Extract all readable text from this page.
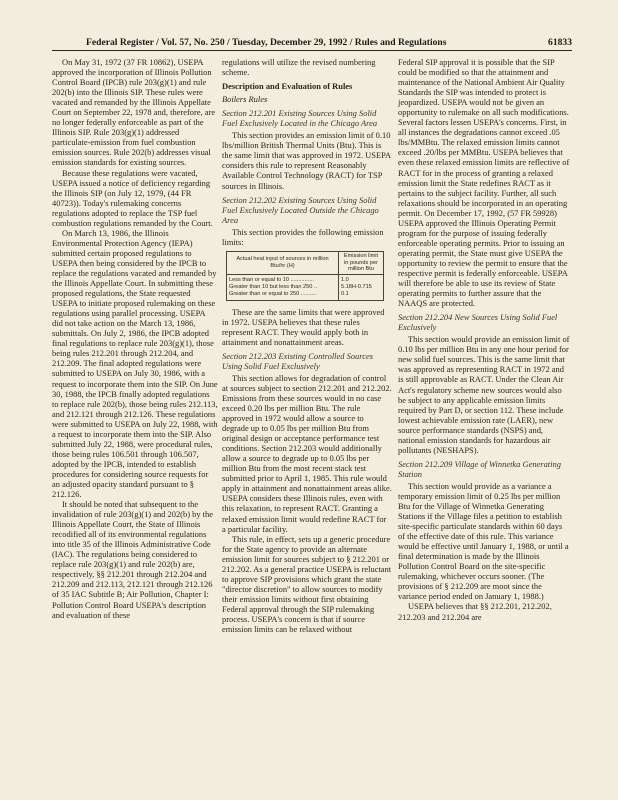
Federal Register / Vol. 57, No. 250 / Tuesday, December 29, 1992 / Rules and Regulations	61833

On May 31, 1972 (37 FR 10862), USEPA approved the incorporation of Illinois Pollution Control Board (IPCB) rule 203(g)(1) and rule 202(b) into the Illinois SIP. These rules were vacated and remanded by the Illinois Appellate Court on September 22, 1978 and, therefore, are no longer federally enforceable as part of the Illinois SIP. Rule 203(g)(1) addressed particulate-emission from fuel combustion emission sources. Rule 202(b) addresses visual emission standards for existing sources.

Because these regulations were vacated, USEPA issued a notice of deficiency regarding the Illinois SIP (on July 12, 1979, (44 FR 40723)). Today's rulemaking concerns regulations adopted to replace the TSP fuel combustion regulations remanded by the Court.

On March 13, 1986, the Illinois Environmental Protection Agency (IEPA) submitted certain proposed regulations to USEPA then being considered by the IPCB to replace the regulations vacated and remanded by the Illinois Appellate Court. In submitting these proposed regulations, the State requested USEPA to initiate proposed rulemaking on these regulations using parallel processing. USEPA did not take action on the March 13, 1986, submittals. On July 2, 1986, the IPCB adopted final regulations to replace rule 203(g)(1), those being rules 212.201 through 212.204, and 212.209. The final adopted regulations were submitted to USEPA on July 30, 1986, with a request to incorporate them into the SIP. On June 30, 1988, the IPCB finally adopted regulations to replace rule 202(b), those being rules 212.113, and 212.121 through 212.126. These regulations were submitted to USEPA on July 22, 1988, with a request to incorporate them into the SIP. Also submitted July 22, 1988, were procedural rules, those being rules 106.501 through 106.507, adopted by the IPCB, intended to establish procedures for considering source requests for an adjusted opacity standard pursuant to § 212.126.

It should be noted that subsequent to the invalidation of rule 203(g)(1) and 202(b) by the Illinois Appellate Court, the State of Illinois recodified all of its environmental regulations into title 35 of the Illinois Administrative Code (IAC). The regulations being considered to replace rule 203(g)(1) and rule 202(b) are, respectively, §§ 212.201 through 212.204 and 212.209 and 212.113, 212.121 through 212.126 of 35 IAC Subtitle B; Air Pollution, Chapter I: Pollution Control Board USEPA's description and evaluation of these

regulations will utilize the revised numbering scheme.

Description and Evaluation of Rules

Boilers Rules

Section 212.201 Existing Sources Using Solid Fuel Exclusively Located in the Chicago Area

This section provides an emission limit of 0.10 lbs/million British Thermal Units (Btu). This is the same limit that was approved in 1972. USEPA considers this rule to represent Reasonably Available Control Technology (RACT) for TSP sources in Illinois.

Section 212.202 Existing Sources Using Solid Fuel Exclusively Located Outside the Chicago Area

This section provides the following emission limits:

Actual heat input of sources in million Btu/hr (H)	Emission limit in pounds per million Btu
Less than or equal to 10 ...............	1.0
Greater than 10 but less than 250 ..	5.18H-0.715
Greater than or equal to 250 ..........	0.1

These are the same limits that were approved in 1972. USEPA believes that these rules represent RACT. They would apply both in attainment and nonattainment areas.

Section 212.203 Existing Controlled Sources Using Solid Fuel Exclusively

This section allows for degradation of control at sources subject to section 212.201 and 212.202. Emissions from these sources would in no case exceed 0.20 lbs per million Btu. The rule approved in 1972 would allow a source to degrade up to 0.05 lbs per million Btu from original design or acceptance performance test conditions. Section 212.203 would additionally allow a source to degrade up to 0.05 lbs per million Btu from the most recent stack test submitted prior to April 1, 1985. This rule would apply in attainment and nonattainment areas alike. USEPA considers these Illinois rules, even with this relaxation, to represent RACT. Granting a relaxed emission limit would redefine RACT for a particular facility.

This rule, in effect, sets up a generic procedure for the State agency to provide an alternate emission limit for sources subject to § 212.201 or 212.202. As a general practice USEPA is reluctant to approve SIP provisions which grant the state "director discretion" to allow sources to modify their emission limits without first obtaining Federal approval through the SIP rulemaking process. USEPA's concern is that if source emission limits can be relaxed without

Federal SIP approval it is possible that the SIP could be modified so that the attainment and maintenance of the National Ambient Air Quality Standards the SIP was intended to protect is jeopardized. USEPA would not be given an opportunity to rulemake on all such modifications. Several factors lessen USEPA's concerns. First, in all instances the degradations cannot exceed .05 lbs/MMBtu. The relaxed emission limits cannot exceed .20/lbs per MMBtu. USEPA believes that even these relaxed emission limits are reflective of RACT for in the process of granting a relaxed emission limit the State redefines RACT as it pertains to the subject facility. Further, all such relaxations should be incorporated in an operating permit. On December 17, 1992, (57 FR 59928) USEPA approved the Illinois Operating Permit program for the purpose of issuing federally enforceable operating permits. Prior to issuing an operating permit, the State must give USEPA the opportunity to review the permit to ensure that the respective permit is federally enforceable. USEPA will therefore be able to use its review of State operating permits to further assure that the NAAQS are protected.

Section 212.204 New Sources Using Solid Fuel Exclusively

This section would provide an emission limit of 0.10 lbs per million Btu in any one hour period for new solid fuel sources. This is the same limit that was approved as representing RACT in 1972 and is still approvable as RACT. Under the Clean Air Act's regulatory scheme new sources would also be subject to any applicable emission limits required by Part D, or section 112. These include lowest achievable emission rate (LAER), new source performance standards (NSPS) and, national emission standards for hazardous air pollutants (NESHAPS).

Section 212.209 Village of Winnetka Generating Station

This section would provide as a variance a temporary emission limit of 0.25 lbs per million Btu for the Village of Winnetka Generating Stations if the Village files a petition to establish site-specific particulate standards within 60 days of the effective date of this rule. This variance would be effective until January 1, 1988, or until a final determination is made by the Illinois Pollution Control Board on the site-specific rulemaking, whichever occurs sooner. (The provisions of § 212.209 are moot since the variance period ended on January 1, 1988.)

USEPA believes that §§ 212.201, 212.202, 212.203 and 212.204 are
